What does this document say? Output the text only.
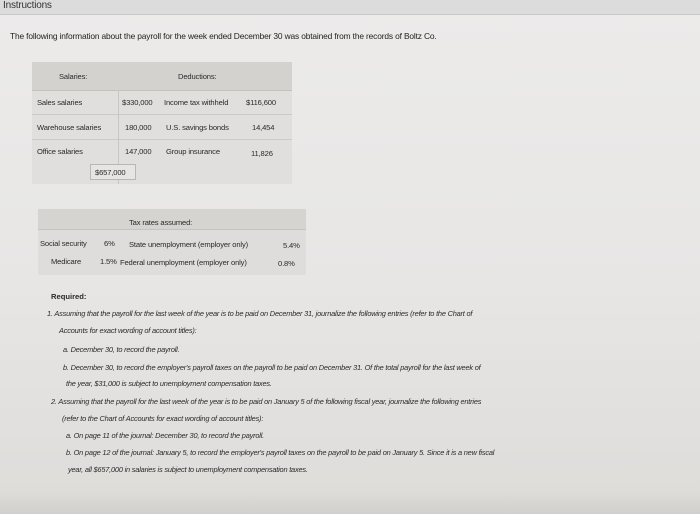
Instructions
The following information about the payroll for the week ended December 30 was obtained from the records of Boltz Co.
Salaries:	Deductions:
Sales salaries	$330,000 Income tax withheld $116,600
Warehouse salaries	180,000 U.S. savings bonds	14,454
Office salaries	147,000 Group insurance	11,826
$657,000
Tax rates assumed:
Social security 6% State unemployment (employer only)	5.4%
Medicare 1.5% Federal unemployment (employer only)	0.8%
Required:
1. Assuming that the payroll for the last week of the year is to be paid on December 31, journalize the following entries (refer to the Chart of
Accounts for exact wording of account titles):
a. December 30, to record the payroll.
b. December 30, to record the employer's payroll taxes on the payroll to be paid on December 31. Of the total payroll for the last week of
the year, $31,000 is subject to unemployment compensation taxes.
2. Assuming that the payroll for the last week of the year is to be paid on January 5 of the following fiscal year, journalize the following entries
(refer to the Chart of Accounts for exact wording of account titles):
a. On page 11 of the journal: December 30, to record the payroll.
b. On page 12 of the journal: January 5, to record the employer's payroll taxes on the payroll to be paid on January 5. Since it is a new fiscal
year, all $657,000 in salaries is subject to unemployment compensation taxes.
